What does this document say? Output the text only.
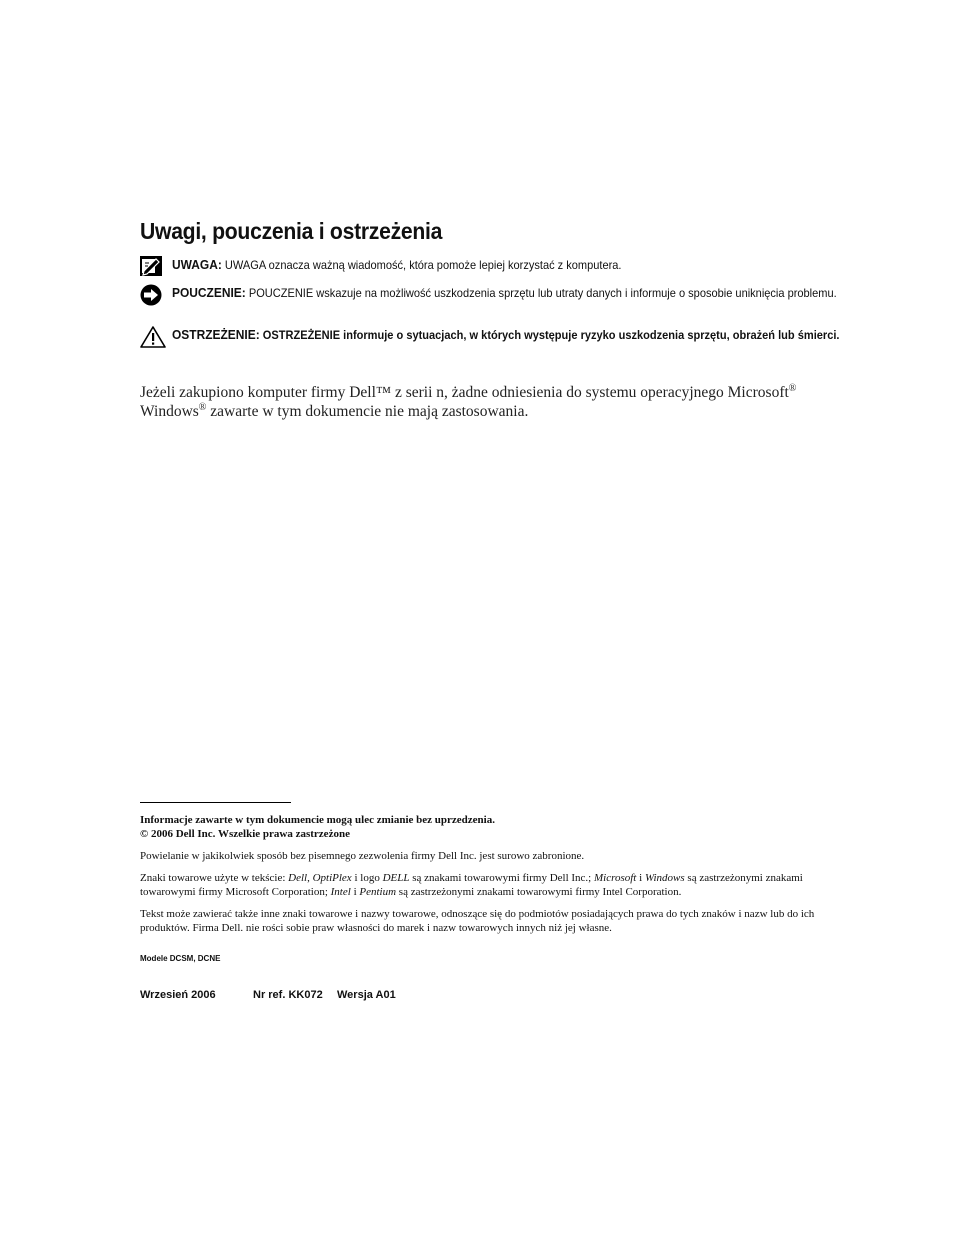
Uwagi, pouczenia i ostrzeżenia
UWAGA: UWAGA oznacza ważną wiadomość, która pomoże lepiej korzystać z komputera.
POUCZENIE: POUCZENIE wskazuje na możliwość uszkodzenia sprzętu lub utraty danych i informuje o sposobie uniknięcia problemu.
OSTRZEŻENIE: OSTRZEŻENIE informuje o sytuacjach, w których występuje ryzyko uszkodzenia sprzętu, obrażeń lub śmierci.

Jeżeli zakupiono komputer firmy Dell™ z serii n, żadne odniesienia do systemu operacyjnego Microsoft®
Windows® zawarte w tym dokumencie nie mają zastosowania.

Informacje zawarte w tym dokumencie mogą ulec zmianie bez uprzedzenia.
© 2006 Dell Inc. Wszelkie prawa zastrzeżone

Powielanie w jakikolwiek sposób bez pisemnego zezwolenia firmy Dell Inc. jest surowo zabronione.

Znaki towarowe użyte w tekście: Dell, OptiPlex i logo DELL są znakami towarowymi firmy Dell Inc.; Microsoft i Windows są zastrzeżonymi znakami towarowymi firmy Microsoft Corporation; Intel i Pentium są zastrzeżonymi znakami towarowymi firmy Intel Corporation.

Tekst może zawierać także inne znaki towarowe i nazwy towarowe, odnoszące się do podmiotów posiadających prawa do tych znaków i nazw lub do ich produktów. Firma Dell. nie rości sobie praw własności do marek i nazw towarowych innych niż jej własne.

Modele DCSM, DCNE

Wrzesień 2006	Nr ref. KK072	Wersja A01
